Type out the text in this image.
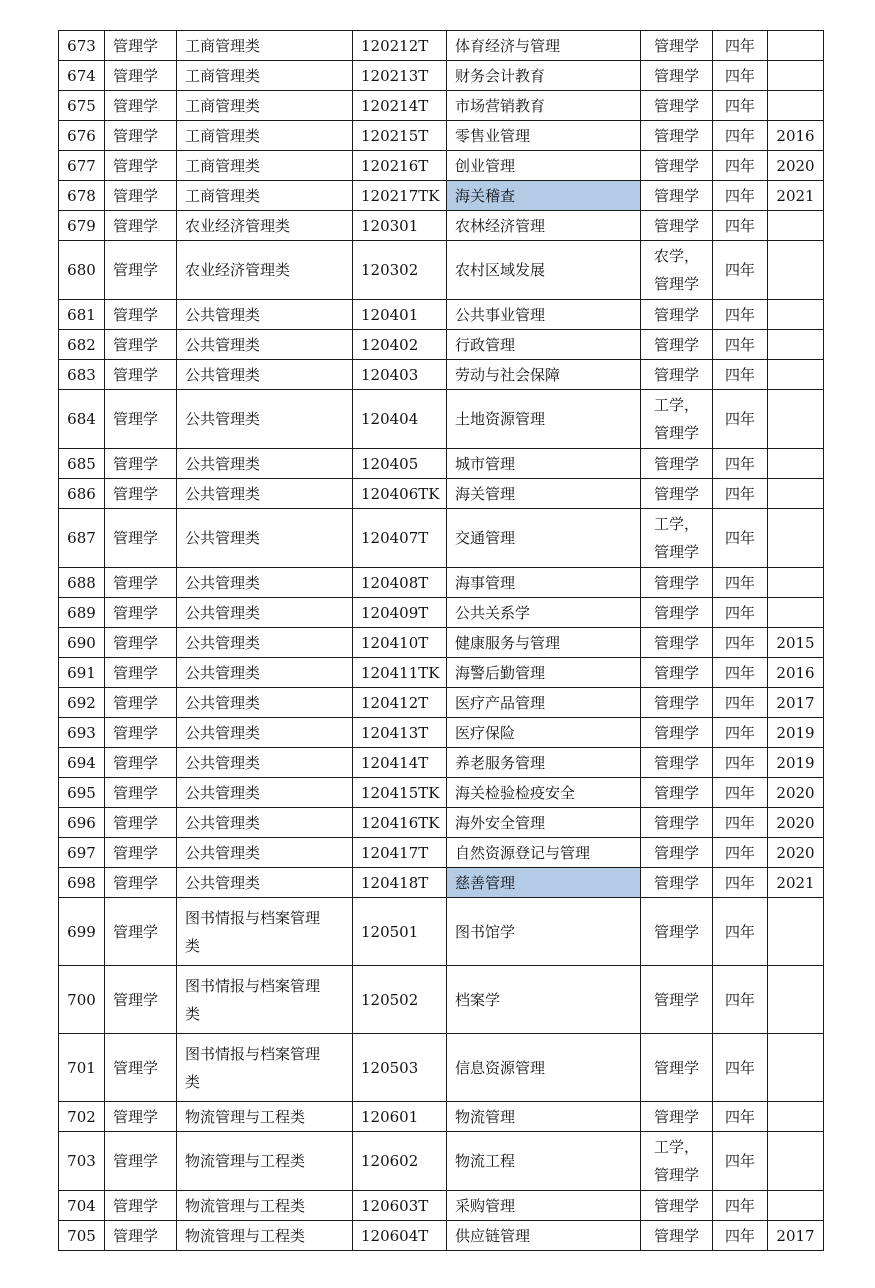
673	管理学	工商管理类	120212T	体育经济与管理	管理学	四年	
674	管理学	工商管理类	120213T	财务会计教育	管理学	四年	
675	管理学	工商管理类	120214T	市场营销教育	管理学	四年	
676	管理学	工商管理类	120215T	零售业管理	管理学	四年	2016
677	管理学	工商管理类	120216T	创业管理	管理学	四年	2020
678	管理学	工商管理类	120217TK	海关稽查	管理学	四年	2021
679	管理学	农业经济管理类	120301	农林经济管理	管理学	四年	
680	管理学	农业经济管理类	120302	农村区域发展	农学，
管理学	四年	
681	管理学	公共管理类	120401	公共事业管理	管理学	四年	
682	管理学	公共管理类	120402	行政管理	管理学	四年	
683	管理学	公共管理类	120403	劳动与社会保障	管理学	四年	
684	管理学	公共管理类	120404	土地资源管理	工学，
管理学	四年	
685	管理学	公共管理类	120405	城市管理	管理学	四年	
686	管理学	公共管理类	120406TK	海关管理	管理学	四年	
687	管理学	公共管理类	120407T	交通管理	工学，
管理学	四年	
688	管理学	公共管理类	120408T	海事管理	管理学	四年	
689	管理学	公共管理类	120409T	公共关系学	管理学	四年	
690	管理学	公共管理类	120410T	健康服务与管理	管理学	四年	2015
691	管理学	公共管理类	120411TK	海警后勤管理	管理学	四年	2016
692	管理学	公共管理类	120412T	医疗产品管理	管理学	四年	2017
693	管理学	公共管理类	120413T	医疗保险	管理学	四年	2019
694	管理学	公共管理类	120414T	养老服务管理	管理学	四年	2019
695	管理学	公共管理类	120415TK	海关检验检疫安全	管理学	四年	2020
696	管理学	公共管理类	120416TK	海外安全管理	管理学	四年	2020
697	管理学	公共管理类	120417T	自然资源登记与管理	管理学	四年	2020
698	管理学	公共管理类	120418T	慈善管理	管理学	四年	2021
699	管理学	图书情报与档案管理
类	120501	图书馆学	管理学	四年	
700	管理学	图书情报与档案管理
类	120502	档案学	管理学	四年	
701	管理学	图书情报与档案管理
类	120503	信息资源管理	管理学	四年	
702	管理学	物流管理与工程类	120601	物流管理	管理学	四年	
703	管理学	物流管理与工程类	120602	物流工程	工学，
管理学	四年	
704	管理学	物流管理与工程类	120603T	采购管理	管理学	四年	
705	管理学	物流管理与工程类	120604T	供应链管理	管理学	四年	2017
